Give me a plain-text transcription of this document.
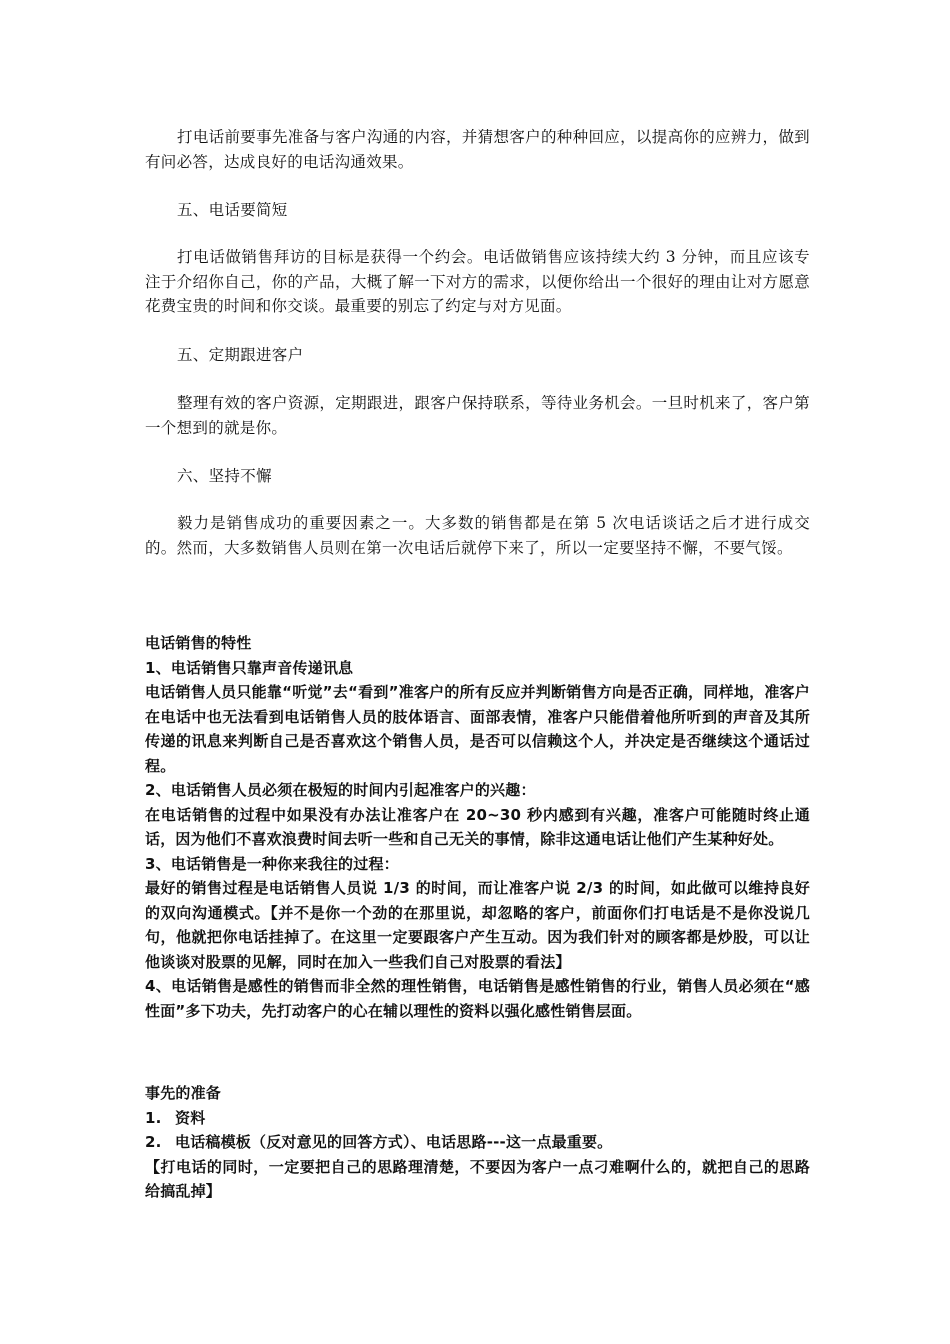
打电话前要事先准备与客户沟通的内容，并猜想客户的种种回应，以提高你的应辨力，做到有问必答，达成良好的电话沟通效果。

五、电话要简短

打电话做销售拜访的目标是获得一个约会。电话做销售应该持续大约 3 分钟，而且应该专注于介绍你自己，你的产品，大概了解一下对方的需求，以便你给出一个很好的理由让对方愿意花费宝贵的时间和你交谈。最重要的别忘了约定与对方见面。

五、定期跟进客户

整理有效的客户资源，定期跟进，跟客户保持联系，等待业务机会。一旦时机来了，客户第一个想到的就是你。

六、坚持不懈

毅力是销售成功的重要因素之一。大多数的销售都是在第 5 次电话谈话之后才进行成交的。然而，大多数销售人员则在第一次电话后就停下来了，所以一定要坚持不懈，不要气馁。

电话销售的特性

1、电话销售只靠声音传递讯息

电话销售人员只能靠“听觉”去“看到”准客户的所有反应并判断销售方向是否正确，同样地，准客户在电话中也无法看到电话销售人员的肢体语言、面部表情，准客户只能借着他所听到的声音及其所传递的讯息来判断自己是否喜欢这个销售人员，是否可以信赖这个人，并决定是否继续这个通话过程。

2、电话销售人员必须在极短的时间内引起准客户的兴趣：

在电话销售的过程中如果没有办法让准客户在 20~30 秒内感到有兴趣，准客户可能随时终止通话，因为他们不喜欢浪费时间去听一些和自己无关的事情，除非这通电话让他们产生某种好处。

3、电话销售是一种你来我往的过程：

最好的销售过程是电话销售人员说 1/3 的时间，而让准客户说 2/3 的时间，如此做可以维持良好的双向沟通模式。【并不是你一个劲的在那里说，却忽略的客户，前面你们打电话是不是你没说几句，他就把你电话挂掉了。在这里一定要跟客户产生互动。因为我们针对的顾客都是炒股，可以让他谈谈对股票的见解，同时在加入一些我们自己对股票的看法】

4、电话销售是感性的销售而非全然的理性销售，电话销售是感性销售的行业，销售人员必须在“感性面”多下功夫，先打动客户的心在辅以理性的资料以强化感性销售层面。

事先的准备

1. 资料

2. 电话稿模板（反对意见的回答方式）、电话思路---这一点最重要。

【打电话的同时，一定要把自己的思路理清楚，不要因为客户一点刁难啊什么的，就把自己的思路给搞乱掉】
